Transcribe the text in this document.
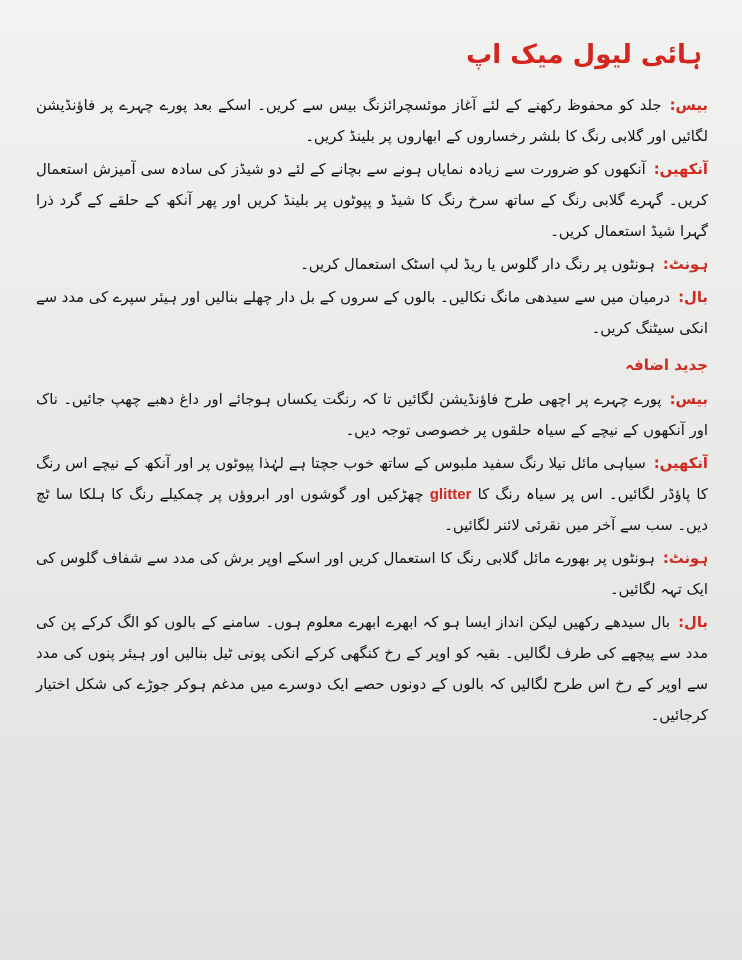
ہائی لیول میک اپ

بیس:جلد کو محفوظ رکھنے کے لئے آغاز موئسچرائزنگ بیس سے کریں۔ اسکے بعد پورے چہرے پر فاؤنڈیشن لگائیں اور گلابی رنگ کا بلشر رخساروں کے ابھاروں پر بلینڈ کریں۔

آنکھیں:آنکھوں کو ضرورت سے زیادہ نمایاں ہونے سے بچانے کے لئے دو شیڈز کی سادہ سی آمیزش استعمال کریں۔ گہرے گلابی رنگ کے ساتھ سرخ رنگ کا شیڈ و پپوٹوں پر بلینڈ کریں اور پھر آنکھ کے حلقے کے گرد ذرا گہرا شیڈ استعمال کریں۔

ہونٹ:ہونٹوں پر رنگ دار گلوس یا ریڈ لپ اسٹک استعمال کریں۔

بال:درمیان میں سے سیدھی مانگ نکالیں۔ بالوں کے سروں کے بل دار چھلے بنالیں اور ہیئر سپرے کی مدد سے انکی سیٹنگ کریں۔

جدید اضافہ

بیس:پورے چہرے پر اچھی طرح فاؤنڈیشن لگائیں تا کہ رنگت یکساں ہوجائے اور داغ دھبے چھپ جائیں۔ ناک اور آنکھوں کے نیچے کے سیاہ حلقوں پر خصوصی توجہ دیں۔

آنکھیں:سیاہی مائل نیلا رنگ سفید ملبوس کے ساتھ خوب جچتا ہے لہٰذا پپوٹوں پر اور آنکھ کے نیچے اس رنگ کا پاؤڈر لگائیں۔ اس پر سیاہ رنگ کا glitter چھڑکیں اور گوشوں اور ابروؤں پر چمکیلے رنگ کا ہلکا سا ٹچ دیں۔ سب سے آخر میں نقرئی لائنر لگائیں۔

ہونٹ:ہونٹوں پر بھورے مائل گلابی رنگ کا استعمال کریں اور اسکے اوپر برش کی مدد سے شفاف گلوس کی ایک تہہ لگائیں۔

بال:بال سیدھے رکھیں لیکن انداز ایسا ہو کہ ابھرے ابھرے معلوم ہوں۔ سامنے کے بالوں کو الگ کرکے پن کی مدد سے پیچھے کی طرف لگالیں۔ بقیہ کو اوپر کے رخ کنگھی کرکے انکی پونی ٹیل بنالیں اور ہیئر پنوں کی مدد سے اوپر کے رخ اس طرح لگالیں کہ بالوں کے دونوں حصے ایک دوسرے میں مدغم ہوکر جوڑے کی شکل اختیار کرجائیں۔
